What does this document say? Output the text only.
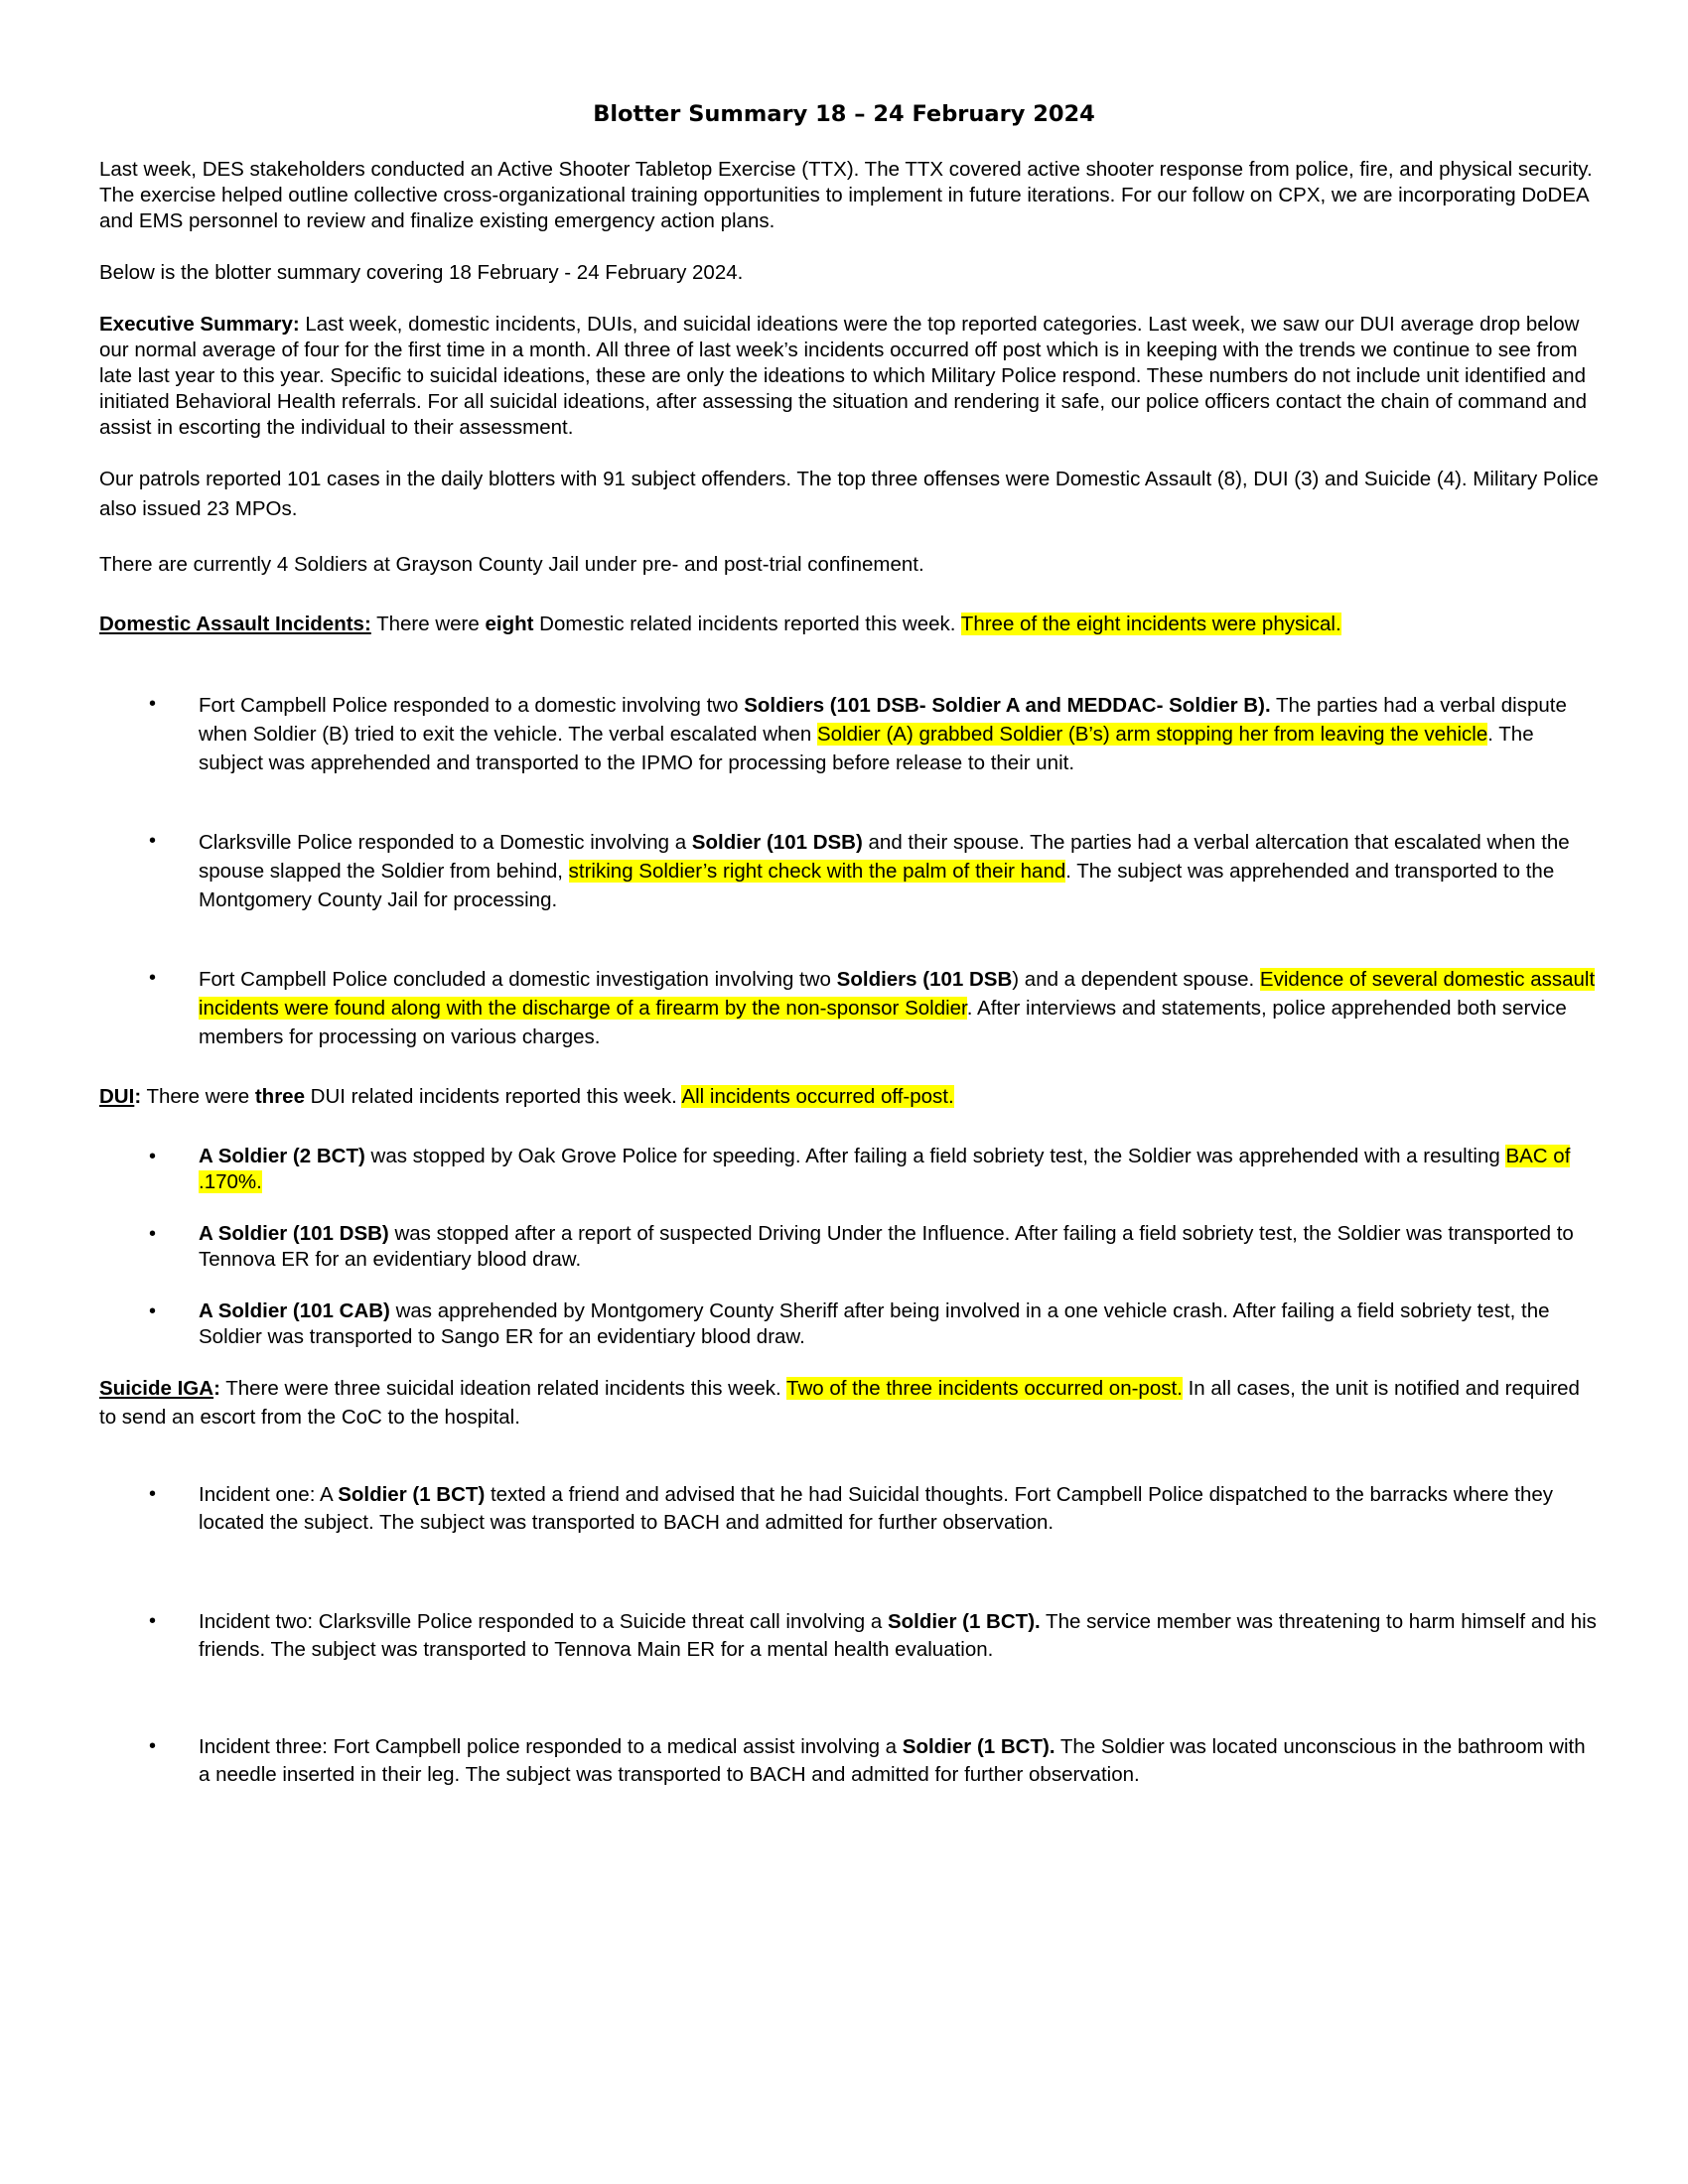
Blotter Summary 18 – 24 February 2024

Last week, DES stakeholders conducted an Active Shooter Tabletop Exercise (TTX). The TTX covered active shooter response from police, fire, and physical security. The exercise helped outline collective cross-organizational training opportunities to implement in future iterations. For our follow on CPX, we are incorporating DoDEA and EMS personnel to review and finalize existing emergency action plans.

Below is the blotter summary covering 18 February - 24 February 2024.

Executive Summary: Last week, domestic incidents, DUIs, and suicidal ideations were the top reported categories. Last week, we saw our DUI average drop below our normal average of four for the first time in a month. All three of last week’s incidents occurred off post which is in keeping with the trends we continue to see from late last year to this year. Specific to suicidal ideations, these are only the ideations to which Military Police respond. These numbers do not include unit identified and initiated Behavioral Health referrals. For all suicidal ideations, after assessing the situation and rendering it safe, our police officers contact the chain of command and assist in escorting the individual to their assessment.

Our patrols reported 101 cases in the daily blotters with 91 subject offenders. The top three offenses were Domestic Assault (8), DUI (3) and Suicide (4). Military Police also issued 23 MPOs.

There are currently 4 Soldiers at Grayson County Jail under pre- and post-trial confinement.

Domestic Assault Incidents: There were eight Domestic related incidents reported this week. Three of the eight incidents were physical.

• Fort Campbell Police responded to a domestic involving two Soldiers (101 DSB- Soldier A and MEDDAC- Soldier B). The parties had a verbal dispute when Soldier (B) tried to exit the vehicle. The verbal escalated when Soldier (A) grabbed Soldier (B’s) arm stopping her from leaving the vehicle. The subject was apprehended and transported to the IPMO for processing before release to their unit.

• Clarksville Police responded to a Domestic involving a Soldier (101 DSB) and their spouse. The parties had a verbal altercation that escalated when the spouse slapped the Soldier from behind, striking Soldier’s right check with the palm of their hand. The subject was apprehended and transported to the Montgomery County Jail for processing.

• Fort Campbell Police concluded a domestic investigation involving two Soldiers (101 DSB) and a dependent spouse. Evidence of several domestic assault incidents were found along with the discharge of a firearm by the non-sponsor Soldier. After interviews and statements, police apprehended both service members for processing on various charges.

DUI: There were three DUI related incidents reported this week. All incidents occurred off-post.

• A Soldier (2 BCT) was stopped by Oak Grove Police for speeding. After failing a field sobriety test, the Soldier was apprehended with a resulting BAC of .170%.

• A Soldier (101 DSB) was stopped after a report of suspected Driving Under the Influence. After failing a field sobriety test, the Soldier was transported to Tennova ER for an evidentiary blood draw.

• A Soldier (101 CAB) was apprehended by Montgomery County Sheriff after being involved in a one vehicle crash. After failing a field sobriety test, the Soldier was transported to Sango ER for an evidentiary blood draw.

Suicide IGA: There were three suicidal ideation related incidents this week. Two of the three incidents occurred on-post. In all cases, the unit is notified and required to send an escort from the CoC to the hospital.

• Incident one: A Soldier (1 BCT) texted a friend and advised that he had Suicidal thoughts. Fort Campbell Police dispatched to the barracks where they located the subject. The subject was transported to BACH and admitted for further observation.

• Incident two: Clarksville Police responded to a Suicide threat call involving a Soldier (1 BCT). The service member was threatening to harm himself and his friends. The subject was transported to Tennova Main ER for a mental health evaluation.

• Incident three: Fort Campbell police responded to a medical assist involving a Soldier (1 BCT). The Soldier was located unconscious in the bathroom with a needle inserted in their leg. The subject was transported to BACH and admitted for further observation.
